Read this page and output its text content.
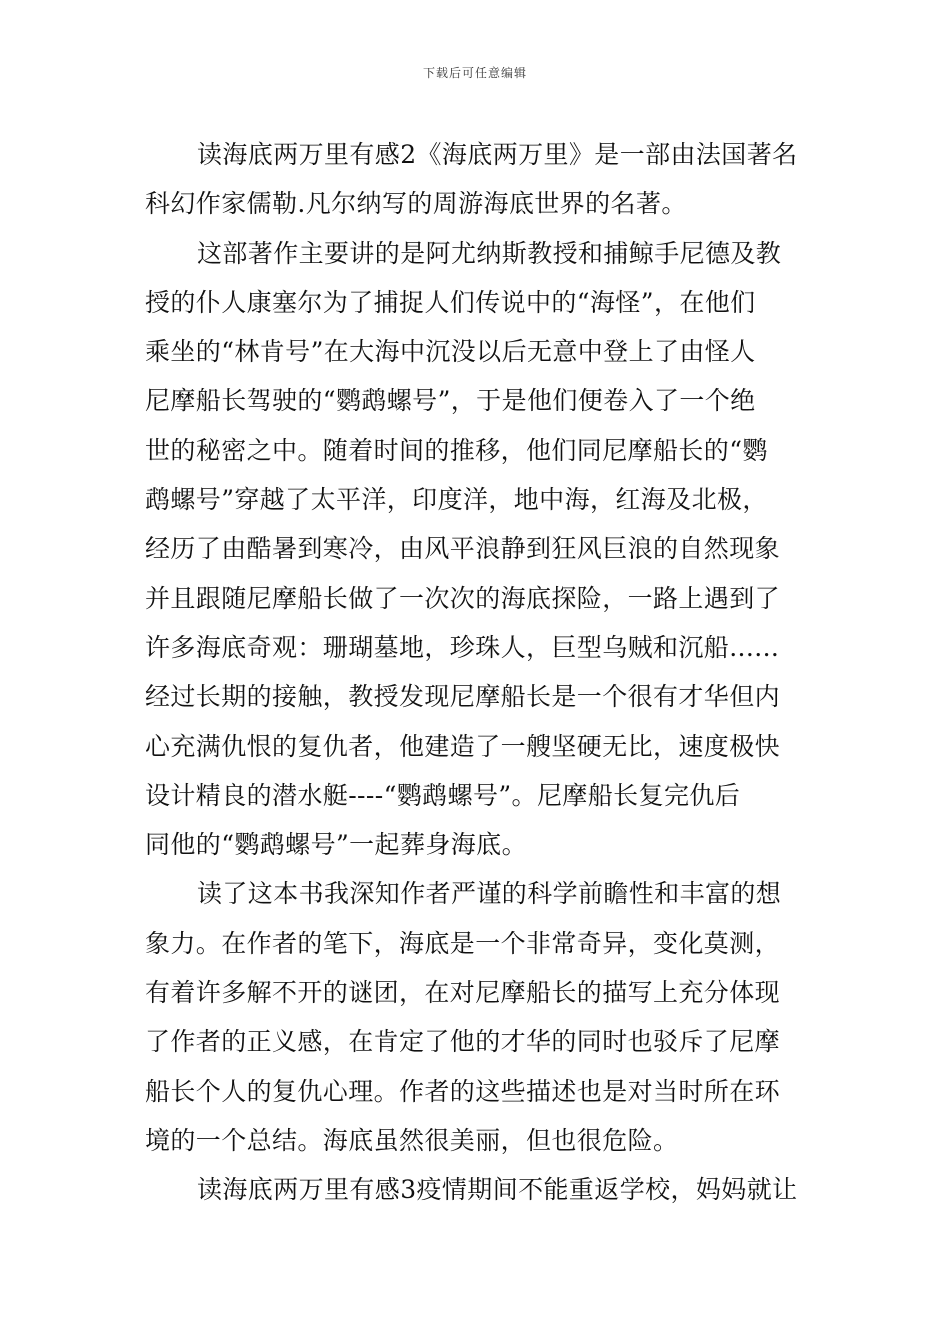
下载后可任意编辑
读海底两万里有感2《海底两万里》是一部由法国著名
科幻作家儒勒.凡尔纳写的周游海底世界的名著。
这部著作主要讲的是阿尤纳斯教授和捕鲸手尼德及教
授的仆人康塞尔为了捕捉人们传说中的“海怪”，在他们
乘坐的“林肯号”在大海中沉没以后无意中登上了由怪人
尼摩船长驾驶的“鹦鹉螺号”，于是他们便卷入了一个绝
世的秘密之中。随着时间的推移，他们同尼摩船长的“鹦
鹉螺号”穿越了太平洋，印度洋，地中海，红海及北极，
经历了由酷暑到寒冷，由风平浪静到狂风巨浪的自然现象
并且跟随尼摩船长做了一次次的海底探险，一路上遇到了
许多海底奇观：珊瑚墓地，珍珠人，巨型乌贼和沉船......
经过长期的接触，教授发现尼摩船长是一个很有才华但内
心充满仇恨的复仇者，他建造了一艘坚硬无比，速度极快
设计精良的潜水艇----“鹦鹉螺号”。尼摩船长复完仇后
同他的“鹦鹉螺号”一起葬身海底。
读了这本书我深知作者严谨的科学前瞻性和丰富的想
象力。在作者的笔下，海底是一个非常奇异，变化莫测，
有着许多解不开的谜团，在对尼摩船长的描写上充分体现
了作者的正义感，在肯定了他的才华的同时也驳斥了尼摩
船长个人的复仇心理。作者的这些描述也是对当时所在环
境的一个总结。海底虽然很美丽，但也很危险。
读海底两万里有感3疫情期间不能重返学校，妈妈就让
